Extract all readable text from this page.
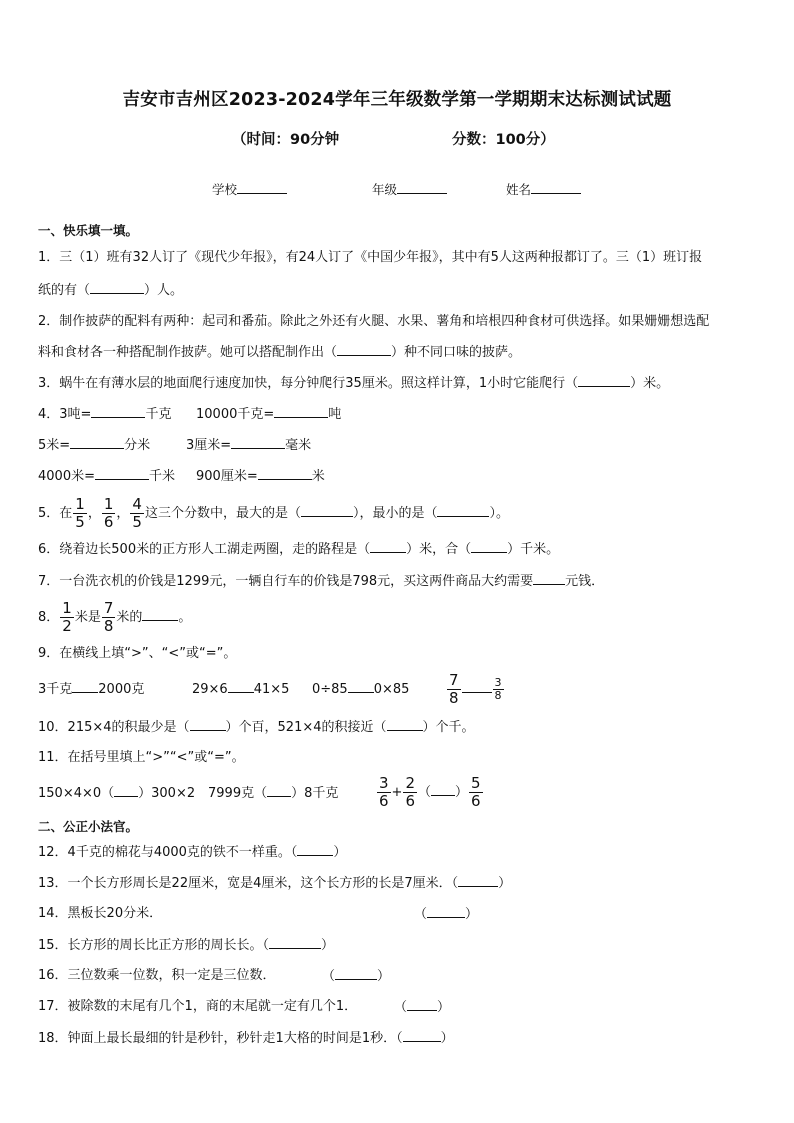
吉安市吉州区2023-2024学年三年级数学第一学期期末达标测试试题
（时间：90分钟	分数：100分）
学校	年级	姓名
一、快乐填一填。
1．三（1）班有32人订了《现代少年报》，有24人订了《中国少年报》，其中有5人这两种报都订了。三（1）班订报
纸的有（	）人。
2．制作披萨的配料有两种：起司和番茄。除此之外还有火腿、水果、薯角和培根四种食材可供选择。如果姗姗想选配
料和食材各一种搭配制作披萨。她可以搭配制作出（	）种不同口味的披萨。
3．蜗牛在有薄水层的地面爬行速度加快，每分钟爬行35厘米。照这样计算，1小时它能爬行（	）米。
4．3吨=	千克 10000千克=	吨
5米=	分米	3厘米=	毫米
4000米=	千米 900厘米=	米
5．在 $\frac{1}{5}$ ， $\frac{1}{6}$ ， $\frac{4}{5}$ 这三个分数中，最大的是（	），最小的是（	）。
6．绕着边长500米的正方形人工湖走两圈，走的路程是（	）米，合（	）千米。
7．一台洗衣机的价钱是1299元，一辆自行车的价钱是798元，买这两件商品大约需要 元钱．
8． $\frac{1}{2}$ 米是 $\frac{7}{8}$ 米的	。
9．在横线上填“>”、“<”或“=”。
3千克 2000克	29×6 41×5 0÷85 0×85	$\frac{7}{8}$	$\frac{3}{8}$
10．215×4的积最少是（	）个百，521×4的积接近（	）个千。
11．在括号里填上“>”“<”或“=”。
150×4×0（ ）300×2 7999克（ ）8千克	$\frac{3}{6} + \frac{2}{6}$ （ ） $\frac{5}{6}$
二、公正小法官。
12．4千克的棉花与4000克的铁不一样重。（	）
13．一个长方形周长是22厘米，宽是4厘米，这个长方形的长是7厘米．（	）
14．黑板长20分米．	（	）
15．长方形的周长比正方形的周长长。（	）
16．三位数乘一位数，积一定是三位数．	（	）
17．被除数的末尾有几个1，商的末尾就一定有几个1．	（ ）
18．钟面上最长最细的针是秒针，秒针走1大格的时间是1秒．（	）
